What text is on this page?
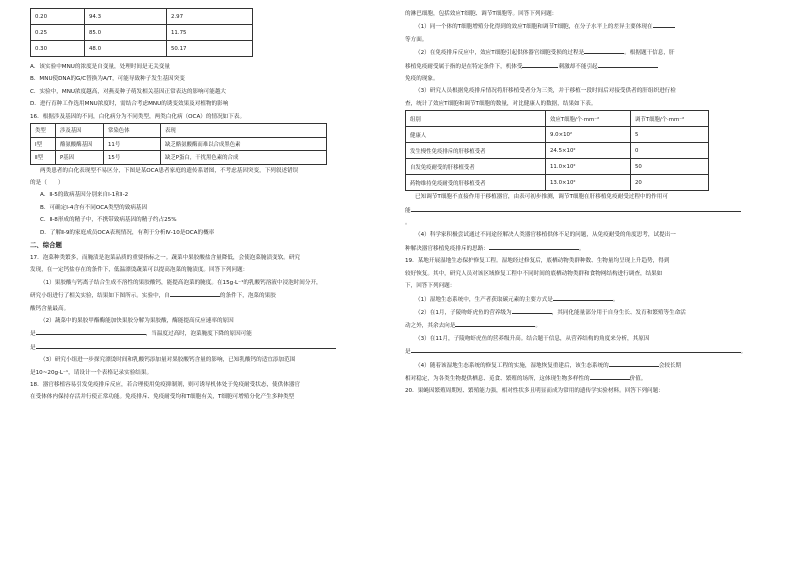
0.20	94.3	2.97
0.25	85.0	11.75
0.30	48.0	50.17

A．该实验中MNU的浓度是自变量，处理时间是无关变量

B．MNU使DNA的G/C替换为A/T，可能导致种子发生基因突变

C．实验中，MNU浓度越高，对燕麦种子萌发相关基因正常表达的影响可能越大

D．进行育种工作选用MNU浓度时，需结合考虑MNU的诱变效果及对植物的影响

16．根据涉及基因的不同，白化病分为不同类型，两类白化病（OCA）的情况如下表。

类型	涉及基因	常染色体	表现
Ⅰ型	酪氨酸酶基因	11号	缺乏酪氨酸酶而难以合成黑色素
Ⅱ型	P基因	15号	缺乏P蛋白，干扰黑色素的合成

两类患者的白化表现型不易区分，下图是某OCA患者家庭的遗传系谱图，不考虑基因突变，下列叙述错误

的是（　　）

A．Ⅱ-5的致病基因分别来自Ⅰ-1和Ⅰ-2

B．可确定Ⅰ-4含有不同OCA类型的致病基因

C．Ⅱ-8形成的精子中，不携带致病基因的精子约占25%

D．了解Ⅱ-9的家庭成员OCA表现情况，有利于分析Ⅳ-10是OCA的概率

二、综合题

17．泡菜种类繁多，而腌渍是泡菜品质的重要指标之一。蔬菜中果胶酸盐含量降低，会使泡菜腌渍变软。研究

发现，在一定钙盐存在的条件下，低温漂烫蔬菜可以提高泡菜的腌渍度。回答下列问题：

（1）果胶酸与钙离子结合生成不溶性的果胶酸钙，能提高泡菜的腌度。在15g·L⁻¹的乳酸钙溶液中浸泡时间分开，

研究小组进行了相关实验，结果如下图所示。实验中，自	的条件下，泡菜的果胶

酸钙含量最高。

（2）蔬菜中的果胶甲酯酶能加快果胶分解为果胶酸，酶能提高反应速率的原因

是	，当温度过高时，泡菜腌度下降的原因可能

是

（3）研究小组进一步探究漂烫时间和乳酸钙添加量对果胶酸钙含量的影响，已知乳酸钙的适宜添加范围

是10~20g·L⁻¹，请设计一个表格记录实验结果。

18．器官移植容易引发免疫排斥反应，若合理使用免疫抑制剂，则可诱导机体处于免疫耐受状态，使供体器官

在受体体内保持存活并行使正常功能。免疫排斥、免疫耐受均和T细胞有关，T细胞可增殖分化产生多种类型

的淋巴细胞，包括效应T细胞、调节T细胞等。回答下列问题：

（1）同一个体的T细胞增殖分化得到的效应T细胞和调节T细胞，在分子水平上的差异主要体现在

等方面。

（2）在免疫排斥反应中，效应T细胞引起供体器官细胞受损的过程是	。根据题干信息，肝

移植免疫耐受属于指的是在特定条件下，机体受	刺激却不能引起

免疫的现象。

（3）研究人员根据免疫排斥情况将肝移植受者分为三类，并于移植一段时间后对接受供者的肝组织进行检

查，统计了效应T细胞和调节T细胞的数量，对比健康人的数据，结果如下表。

组别	效应T细胞/个·mm⁻²	调节T细胞/个·mm⁻²
健康人	9.0×10²	5
发生慢性免疫排斥的肝移植受者	24.5×10²	0
自发免疫耐受的肝移植受者	11.0×10²	50
药物维持免疫耐受的肝移植受者	13.0×10²	20

已知调节T细胞不直接作用于移植器官，由表可初步推测，调节T细胞在肝移植免疫耐受过程中的作用可

能

。

（4）科学家积极尝试通过不同途径解决人类器官移植供体不足的问题，从免疫耐受的角度思考，试提出一

种解决器官移植免疫排斥的思路：	。

19．某地开展湿地生态保护修复工程。湿地经过修复后，底栖动物类群种数、生物量均呈现上升趋势，得到

较好恢复。其中，研究人员对该区域修复工程中不同时间的底栖动物类群和食物网结构进行调查，结果如

下，回答下列问题：

（1）湿地生态系统中，生产者获取碳元素的主要方式是	。

（2）在1月，子陵吻虾虎鱼的营养级为	，其同化能量部分用于自身生长、发育和繁殖等生命活

动之外，其余去向是	。

（3）在11月，子陵吻虾虎鱼的营养级升高。结合题干信息，从营养结构的角度来分析，其原因

是	。

（4）随着该湿地生态系统的修复工程的实施，湿地恢复重建后，该生态系统的	会较长期

相对稳定，为各类生物提供栖息、觅食、繁殖的场所，这体现生物多样性的	价值。

20．果蝇因繁殖周期短、繁殖能力强，相对性状多且明显而成为常用的遗传学实验材料。回答下列问题：
